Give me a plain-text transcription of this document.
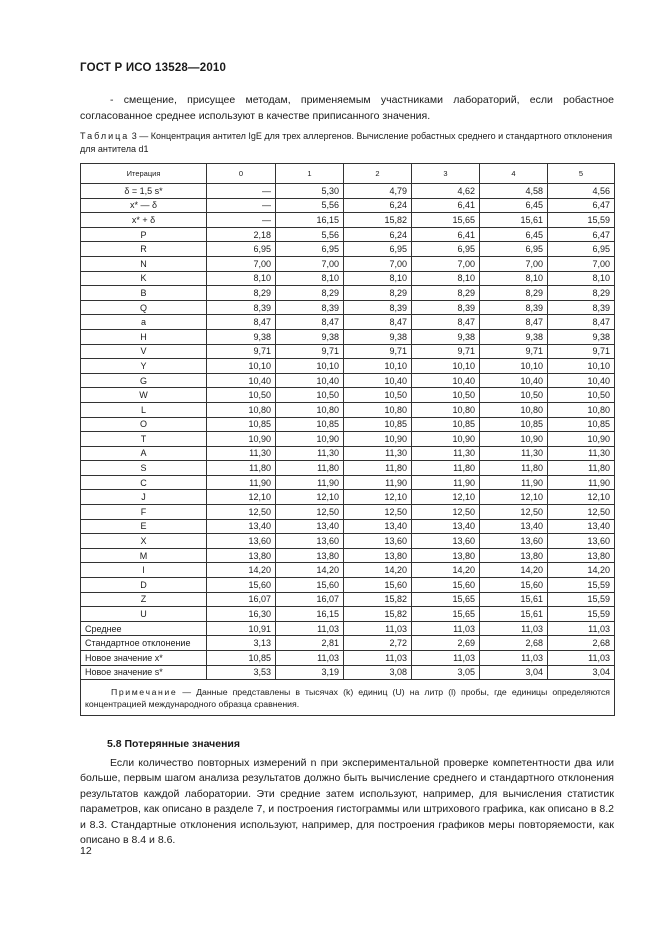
ГОСТ Р ИСО 13528—2010
- смещение, присущее методам, применяемым участниками лабораторий, если робастное согласованное среднее используют в качестве приписанного значения.
Таблица 3 — Концентрация антител IgE для трех аллергенов. Вычисление робастных среднего и стандартного отклонения для антитела d1
Итерация	0	1	2	3	4	5
δ = 1,5 s*	—	5,30	4,79	4,62	4,58	4,56
x* — δ	—	5,56	6,24	6,41	6,45	6,47
x* + δ	—	16,15	15,82	15,65	15,61	15,59
P	2,18	5,56	6,24	6,41	6,45	6,47
R	6,95	6,95	6,95	6,95	6,95	6,95
N	7,00	7,00	7,00	7,00	7,00	7,00
K	8,10	8,10	8,10	8,10	8,10	8,10
B	8,29	8,29	8,29	8,29	8,29	8,29
Q	8,39	8,39	8,39	8,39	8,39	8,39
a	8,47	8,47	8,47	8,47	8,47	8,47
H	9,38	9,38	9,38	9,38	9,38	9,38
V	9,71	9,71	9,71	9,71	9,71	9,71
Y	10,10	10,10	10,10	10,10	10,10	10,10
G	10,40	10,40	10,40	10,40	10,40	10,40
W	10,50	10,50	10,50	10,50	10,50	10,50
L	10,80	10,80	10,80	10,80	10,80	10,80
O	10,85	10,85	10,85	10,85	10,85	10,85
T	10,90	10,90	10,90	10,90	10,90	10,90
A	11,30	11,30	11,30	11,30	11,30	11,30
S	11,80	11,80	11,80	11,80	11,80	11,80
C	11,90	11,90	11,90	11,90	11,90	11,90
J	12,10	12,10	12,10	12,10	12,10	12,10
F	12,50	12,50	12,50	12,50	12,50	12,50
E	13,40	13,40	13,40	13,40	13,40	13,40
X	13,60	13,60	13,60	13,60	13,60	13,60
M	13,80	13,80	13,80	13,80	13,80	13,80
I	14,20	14,20	14,20	14,20	14,20	14,20
D	15,60	15,60	15,60	15,60	15,60	15,59
Z	16,07	16,07	15,82	15,65	15,61	15,59
U	16,30	16,15	15,82	15,65	15,61	15,59
Среднее	10,91	11,03	11,03	11,03	11,03	11,03
Стандартное отклонение	3,13	2,81	2,72	2,69	2,68	2,68
Новое значение x*	10,85	11,03	11,03	11,03	11,03	11,03
Новое значение s*	3,53	3,19	3,08	3,05	3,04	3,04
Примечание — Данные представлены в тысячах (k) единиц (U) на литр (l) пробы, где единицы определяются концентрацией международного образца сравнения.						
5.8 Потерянные значения
Если количество повторных измерений n при экспериментальной проверке компетентности два или больше, первым шагом анализа результатов должно быть вычисление среднего и стандартного отклонения результатов каждой лаборатории. Эти средние затем используют, например, для вычисления статистик параметров, как описано в разделе 7, и построения гистограммы или штрихового графика, как описано в 8.2 и 8.3. Стандартные отклонения используют, например, для построения графиков меры повторяемости, как описано в 8.4 и 8.6.
12
